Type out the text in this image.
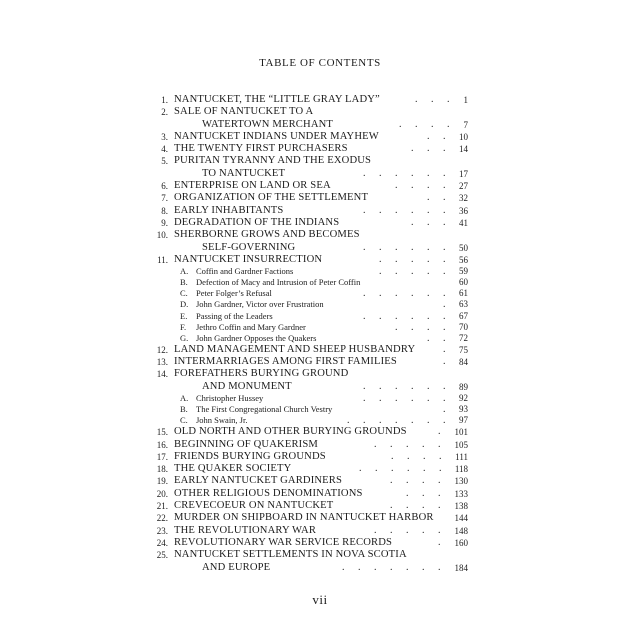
TABLE OF CONTENTS
1. NANTUCKET, THE “LITTLE GRAY LADY”	. . . 1
2. SALE OF NANTUCKET TO A
WATERTOWN MERCHANT	. . . . 7
3. NANTUCKET INDIANS UNDER MAYHEW	. . 10
4. THE TWENTY FIRST PURCHASERS	. . . 14
5. PURITAN TYRANNY AND THE EXODUS
TO NANTUCKET	. . . . . . 17
6. ENTERPRISE ON LAND OR SEA	. . . . 27
7. ORGANIZATION OF THE SETTLEMENT	. . 32
8. EARLY INHABITANTS	. . . . . . 36
9. DEGRADATION OF THE INDIANS	. . . 41
10. SHERBORNE GROWS AND BECOMES
SELF-GOVERNING	. . . . . . 50
11. NANTUCKET INSURRECTION	. . . . . 56
A. Coffin and Gardner Factions	. . . . . 59
B. Defection of Macy and Intrusion of Peter Coffin	60
C. Peter Folger’s Refusal	. . . . . . 61
D. John Gardner, Victor over Frustration	. 63
E. Passing of the Leaders	. . . . . . 67
F. Jethro Coffin and Mary Gardner	. . . . 70
G. John Gardner Opposes the Quakers	. . 72
12. LAND MANAGEMENT AND SHEEP HUSBANDRY	. 75
13. INTERMARRIAGES AMONG FIRST FAMILIES	. 84
14. FOREFATHERS BURYING GROUND
AND MONUMENT	. . . . . . 89
A. Christopher Hussey	. . . . . . 92
B. The First Congregational Church Vestry	. 93
C. John Swain, Jr.	. . . . . . . 97
15. OLD NORTH AND OTHER BURYING GROUNDS	. 101
16. BEGINNING OF QUAKERISM	. . . . . 105
17. FRIENDS BURYING GROUNDS	. . . . 111
18. THE QUAKER SOCIETY	. . . . . . 118
19. EARLY NANTUCKET GARDINERS	. . . . 130
20. OTHER RELIGIOUS DENOMINATIONS	. . . 133
21. CREVECOEUR ON NANTUCKET	. . . . 138
22. MURDER ON SHIPBOARD IN NANTUCKET HARBOR 144
23. THE REVOLUTIONARY WAR	. . . . . 148
24. REVOLUTIONARY WAR SERVICE RECORDS	. 160
25. NANTUCKET SETTLEMENTS IN NOVA SCOTIA
AND EUROPE	. . . . . . . 184
vii
